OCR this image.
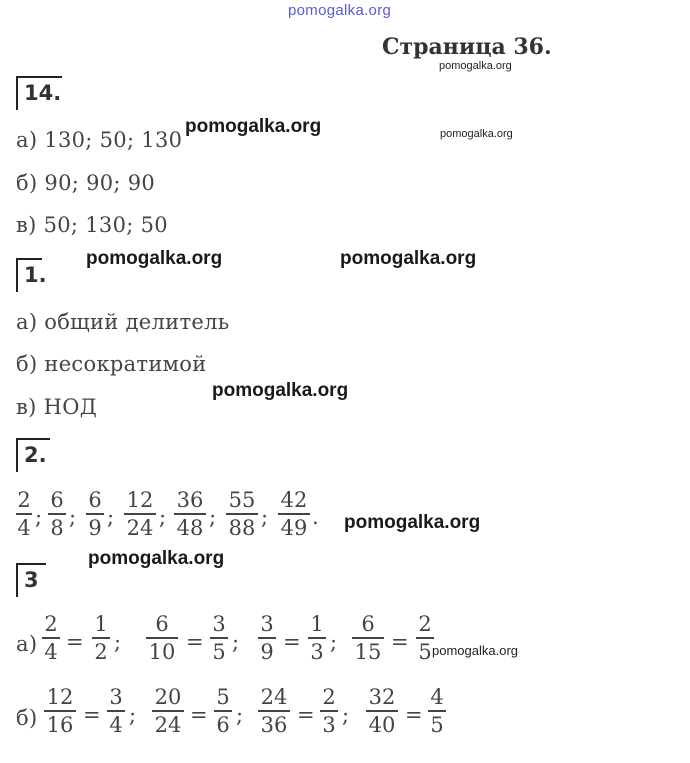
pomogalka.org
pomogalka.org
pomogalka.org
pomogalka.org
pomogalka.org	pomogalka.org
pomogalka.org
pomogalka.org
pomogalka.org
pomogalka.org
Страница 36.
14.
а) 130; 50; 130
б) 90; 90; 90
в) 50; 130; 50
1.
а) общий делитель
б) несократимой
в) НОД
2.
2
4 ;
6
8 ;
6
9 ;
12
24 ;
36
48 ;
55
88 ;
42
49 .
3
а)
б)
2
4 =
1
2 ;
6
10 =
3
5 ;
3
9 =
1
3 ;
6
15 =
2
5
12
16 =
3
4 ;
20
24 =
5
6 ;
24
36 =
2
3 ;
32
40 =
4
5
